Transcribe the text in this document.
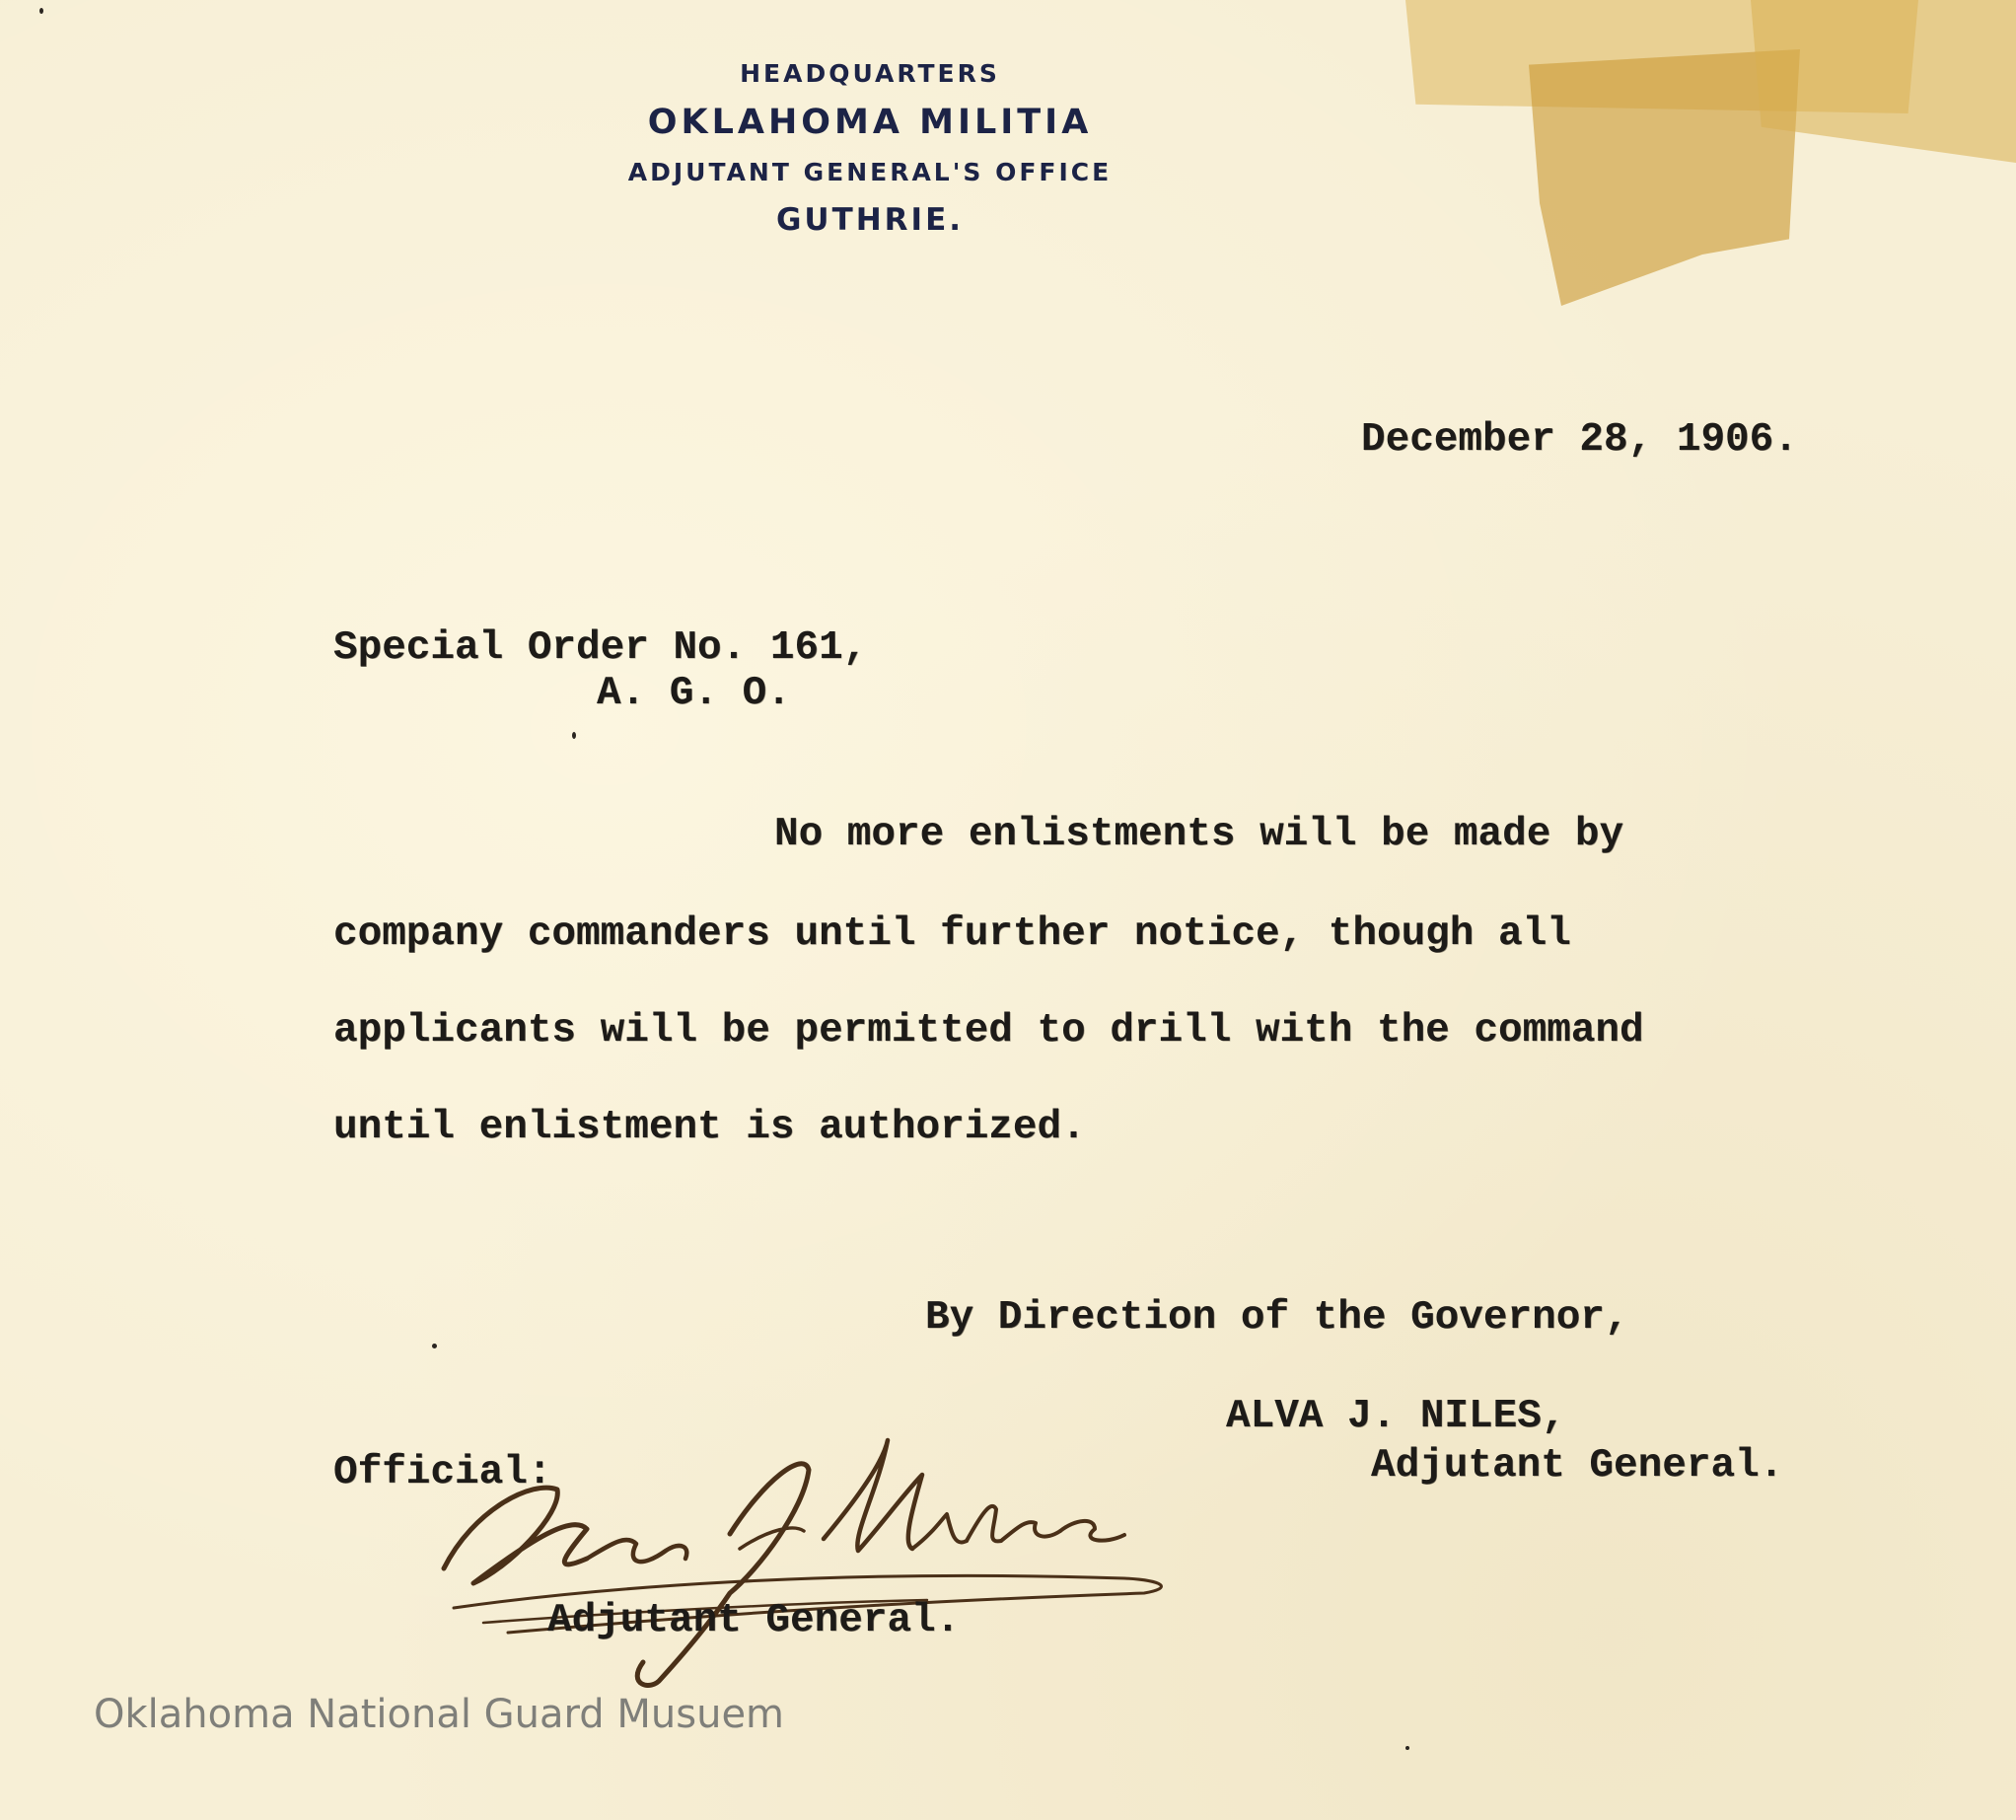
HEADQUARTERS
OKLAHOMA MILITIA
ADJUTANT GENERAL'S OFFICE
GUTHRIE.
December 28, 1906.
Special Order No. 161,
A. G. O.
No more enlistments will be made by
company commanders until further notice, though all
applicants will be permitted to drill with the command
until enlistment is authorized.
By Direction of the Governor,
ALVA J. NILES,
Adjutant General.
Official:
Adjutant General.
Oklahoma National Guard Musuem
